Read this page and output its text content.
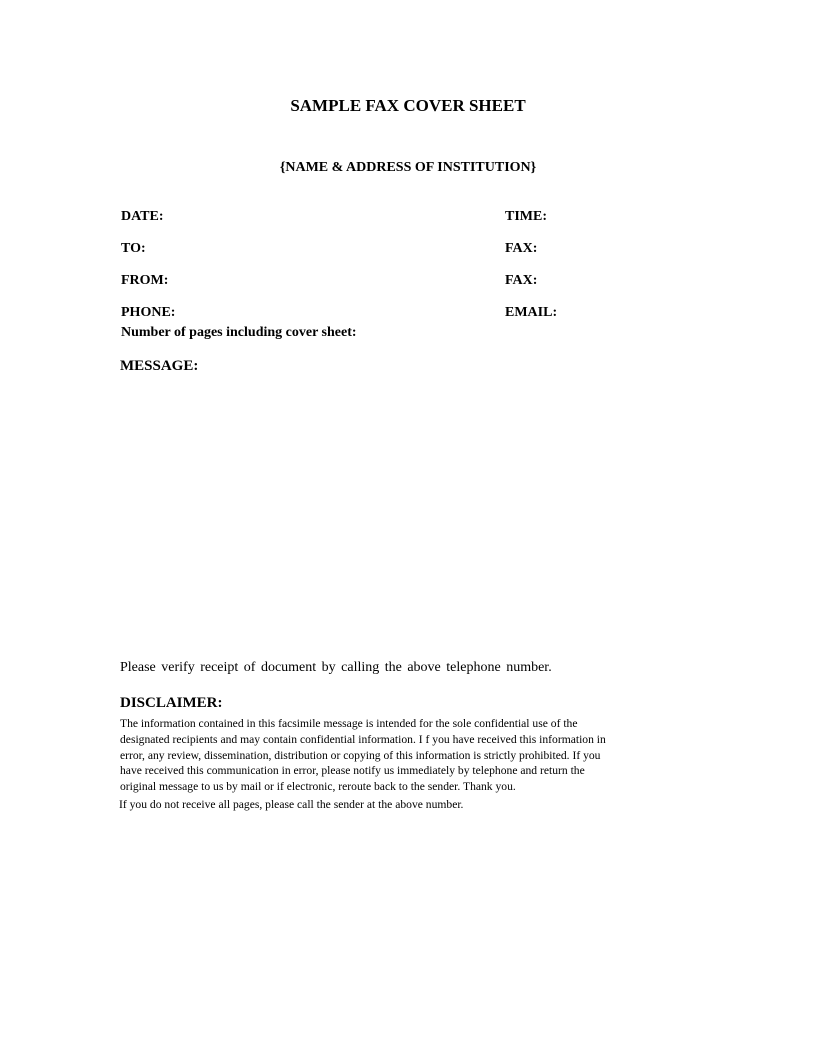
SAMPLE FAX COVER SHEET
{NAME & ADDRESS OF INSTITUTION}
DATE:
TO:
FROM:
PHONE:
Number of pages including cover sheet:
TIME:
FAX:
FAX:
EMAIL:
MESSAGE:
Please verify receipt of document by calling the above telephone number.
DISCLAIMER:
The information contained in this facsimile message is intended for the sole confidential use of the
designated recipients and may contain confidential information. I f you have received this information in
error, any review, dissemination, distribution or copying of this information is strictly prohibited. If you
have received this communication in error, please notify us immediately by telephone and return the
original message to us by mail or if electronic, reroute back to the sender. Thank you.
If you do not receive all pages, please call the sender at the above number.
